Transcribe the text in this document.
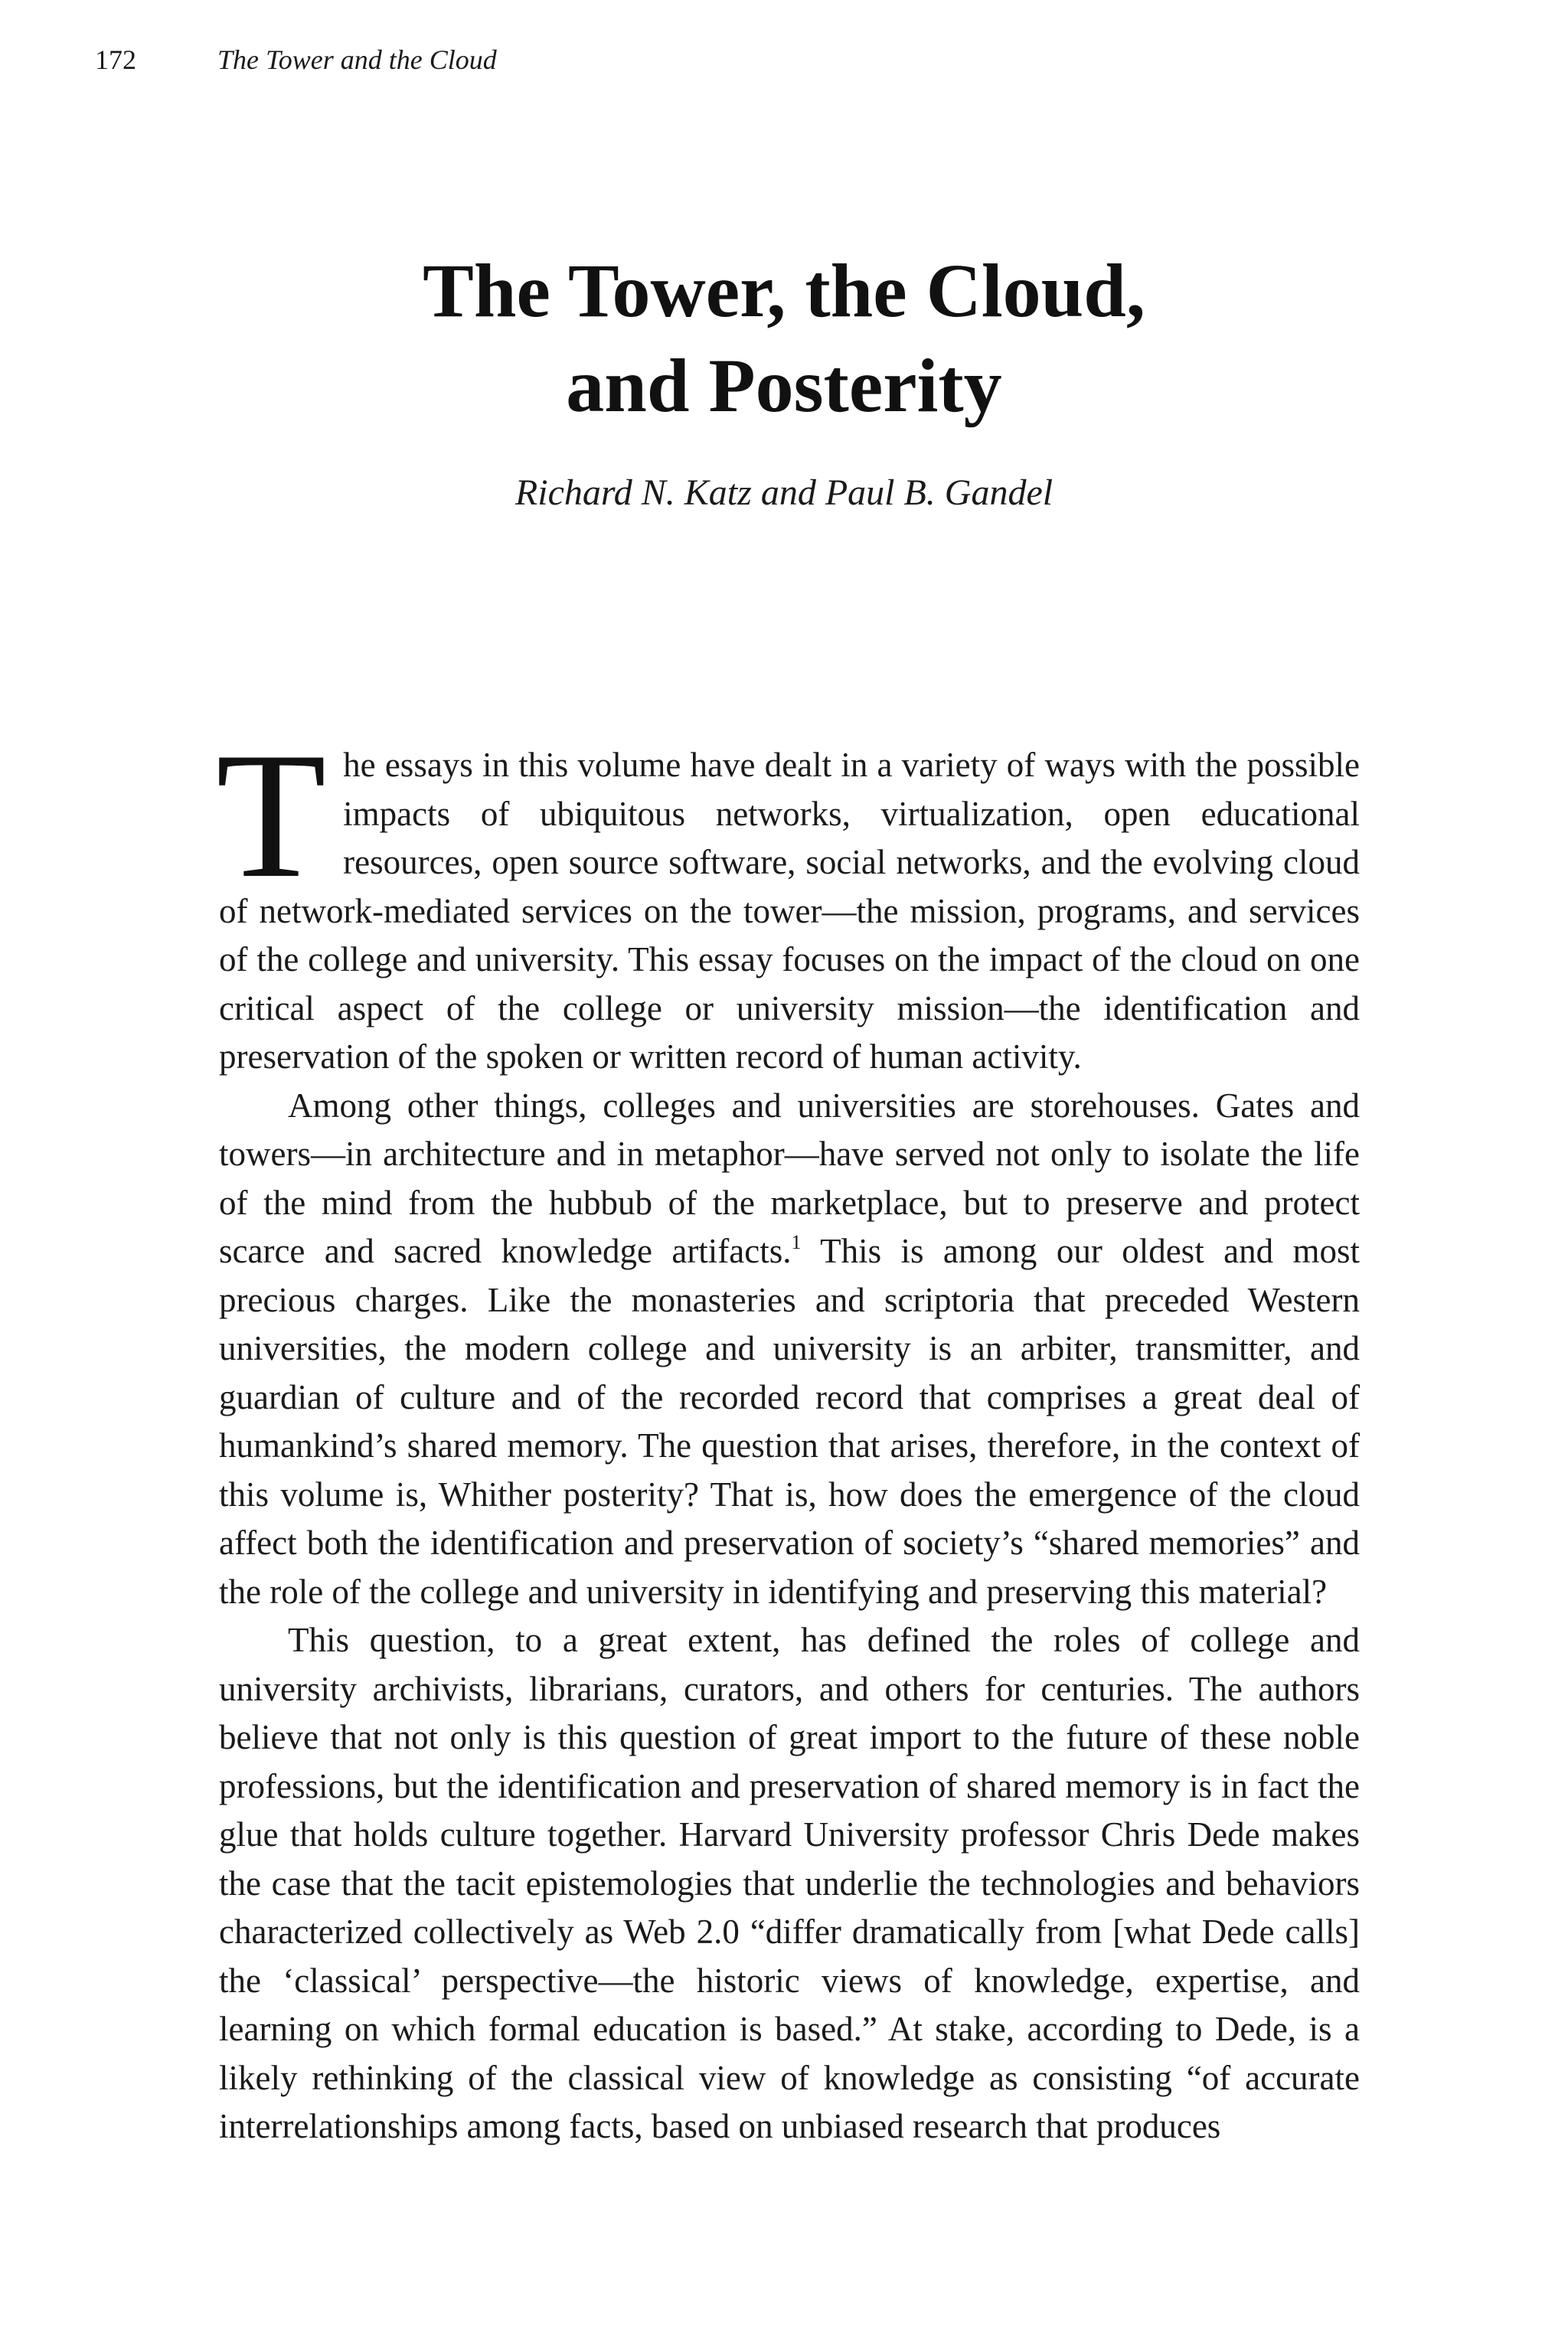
172	The Tower and the Cloud
The Tower, the Cloud,
and Posterity
Richard N. Katz and Paul B. Gandel

The essays in this volume have dealt in a variety of ways with the possible impacts of ubiquitous networks, virtualization, open educational resources, open source software, social networks, and the evolving cloud of network-mediated services on the tower—the mission, programs, and services of the college and university. This essay focuses on the impact of the cloud on one critical aspect of the college or university mission—the identification and preservation of the spoken or written record of human activity.

Among other things, colleges and universities are storehouses. Gates and towers—in architecture and in metaphor—have served not only to isolate the life of the mind from the hubbub of the marketplace, but to preserve and protect scarce and sacred knowledge artifacts.$^1$ This is among our oldest and most precious charges. Like the monasteries and scriptoria that preceded Western universities, the modern college and university is an arbiter, transmitter, and guardian of culture and of the recorded record that comprises a great deal of humankind’s shared memory. The question that arises, therefore, in the context of this volume is, Whither posterity? That is, how does the emergence of the cloud affect both the identification and preservation of society’s “shared memories” and the role of the college and university in identifying and preserving this material?

This question, to a great extent, has defined the roles of college and university archivists, librarians, curators, and others for centuries. The authors believe that not only is this question of great import to the future of these noble professions, but the identification and preservation of shared memory is in fact the glue that holds culture together. Harvard University professor Chris Dede makes the case that the tacit epistemologies that underlie the technologies and behaviors characterized collectively as Web 2.0 “differ dramatically from [what Dede calls] the ‘classical’ perspective—the historic views of knowledge, expertise, and learning on which formal education is based.” At stake, according to Dede, is a likely rethinking of the classical view of knowledge as consisting “of accurate interrelationships among facts, based on unbiased research that produces
